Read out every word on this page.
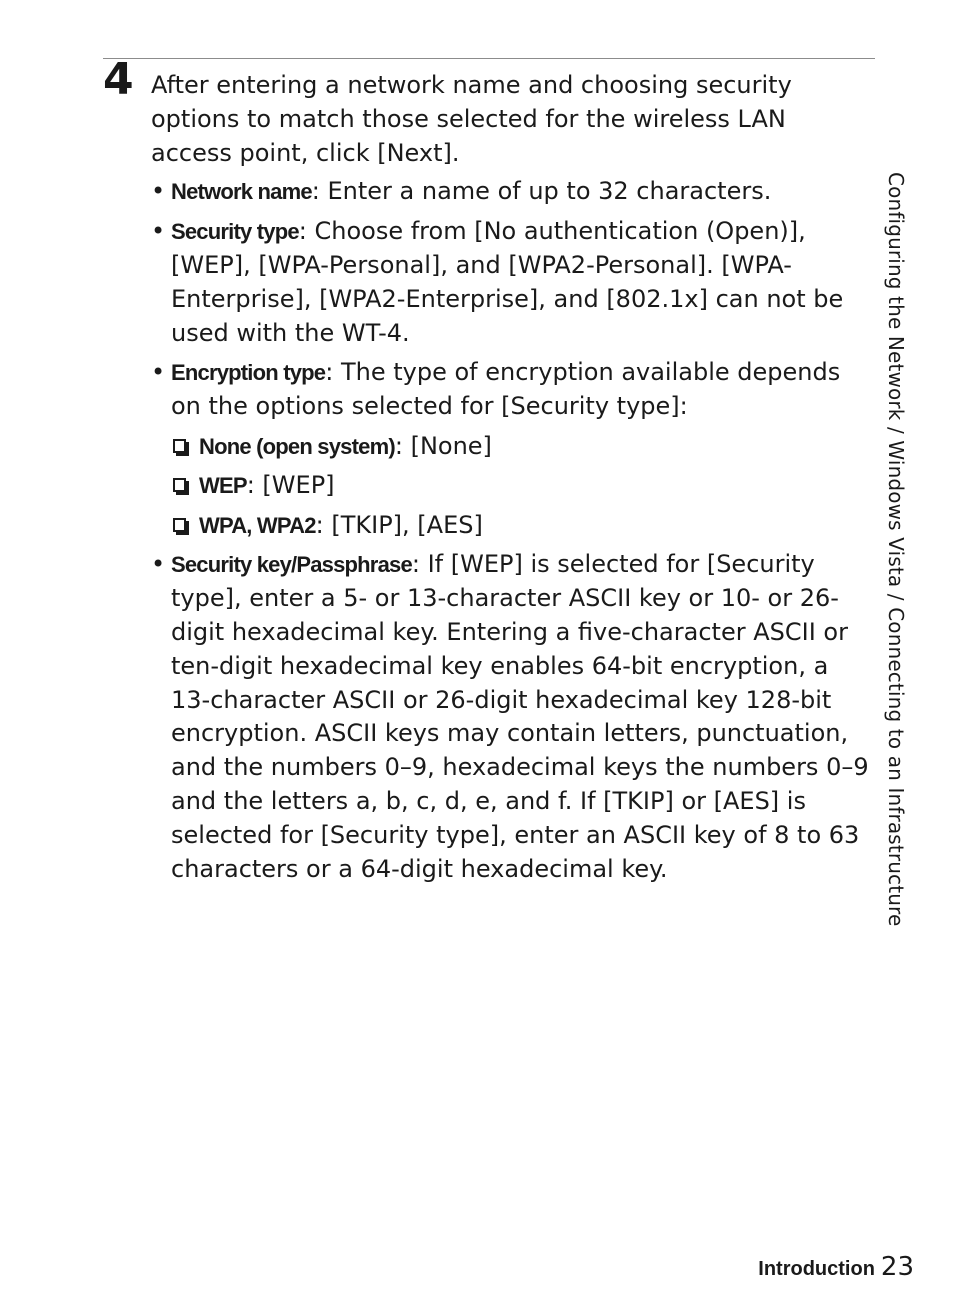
4 After entering a network name and choosing security options to match those selected for the wireless LAN access point, click [Next].

• Network name: Enter a name of up to 32 characters.
• Security type: Choose from [No authentication (Open)], [WEP], [WPA-Personal], and [WPA2-Personal]. [WPA-Enterprise], [WPA2-Enterprise], and [802.1x] can not be used with the WT-4.
• Encryption type: The type of encryption available depends on the options selected for [Security type]:
None (open system): [None]
WEP: [WEP]
WPA, WPA2: [TKIP], [AES]
• Security key/Passphrase: If [WEP] is selected for [Security type], enter a 5- or 13-character ASCII key or 10- or 26-digit hexadecimal key. Entering a five-character ASCII or ten-digit hexadecimal key enables 64-bit encryption, a 13-character ASCII or 26-digit hexadecimal key 128-bit encryption. ASCII keys may contain letters, punctuation, and the numbers 0–9, hexadecimal keys the numbers 0–9 and the letters a, b, c, d, e, and f. If [TKIP] or [AES] is selected for [Security type], enter an ASCII key of 8 to 63 characters or a 64-digit hexadecimal key.	Configuring the Network / Windows Vista / Connecting to an Infrastructure
Introduction 23
